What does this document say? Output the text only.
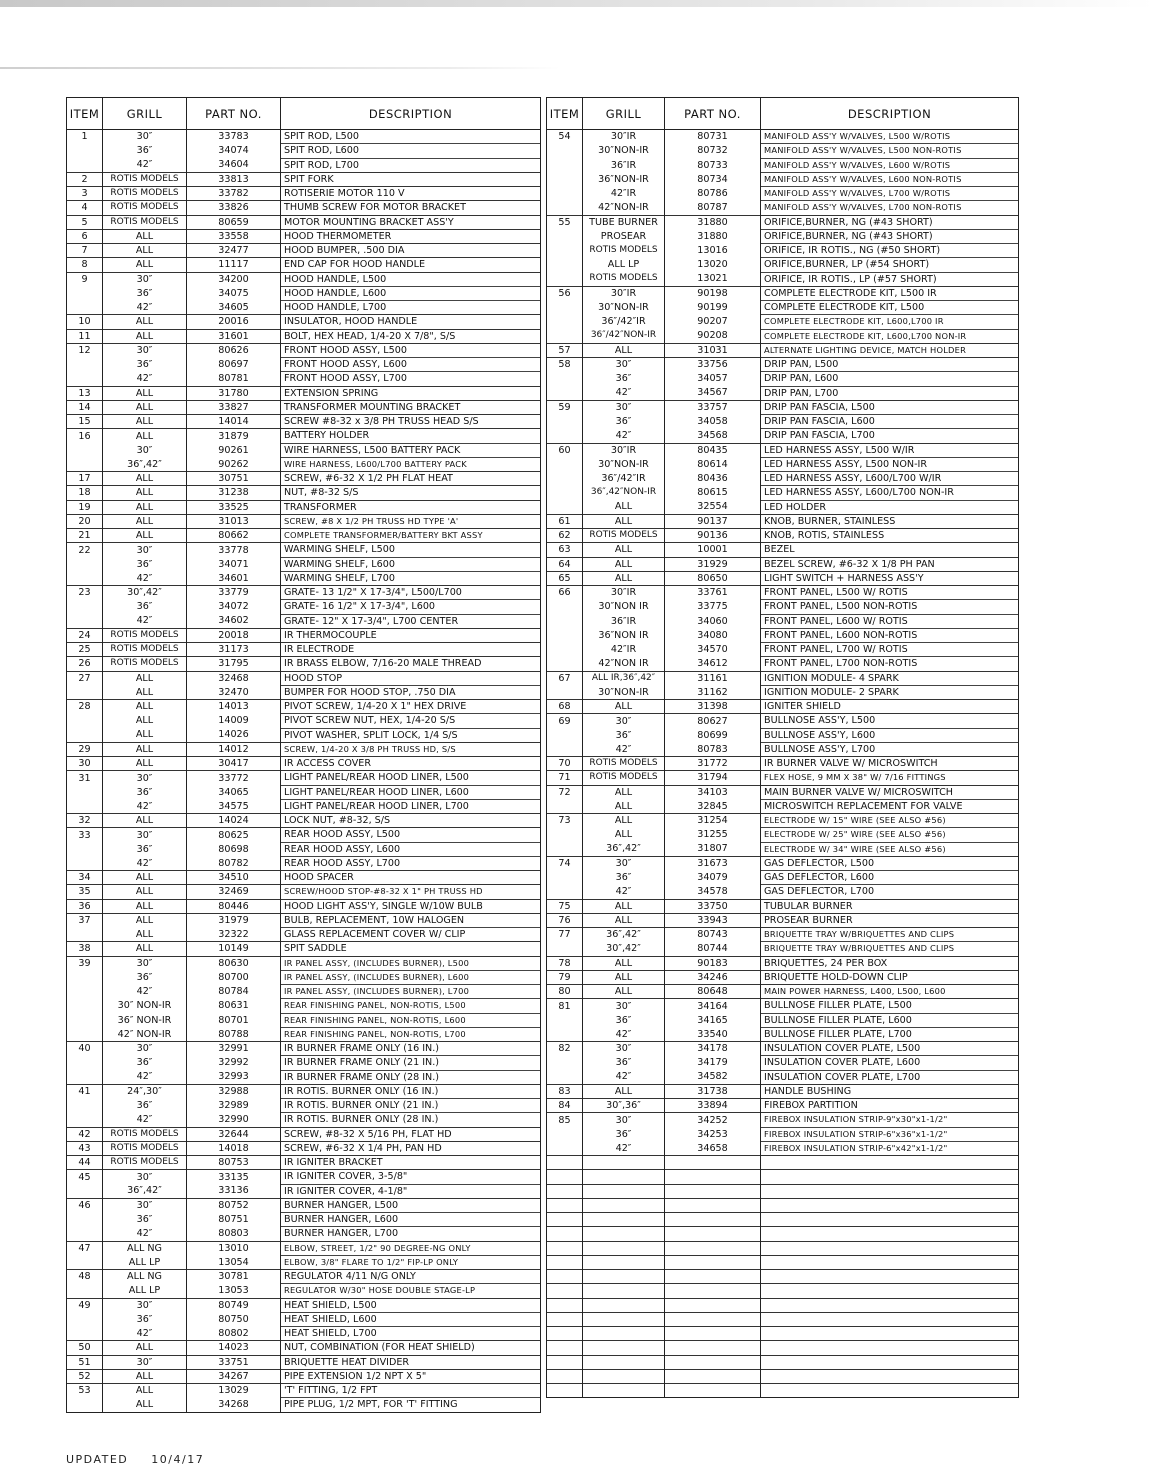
ITEM	GRILL	PART NO.	DESCRIPTION
1	30″	33783	SPIT ROD, L500
	36″	34074	SPIT ROD, L600
	42″	34604	SPIT ROD, L700
2	ROTIS MODELS	33813	SPIT FORK
3	ROTIS MODELS	33782	ROTISERIE MOTOR 110 V
4	ROTIS MODELS	33826	THUMB SCREW FOR MOTOR BRACKET
5	ROTIS MODELS	80659	MOTOR MOUNTING BRACKET ASS'Y
6	ALL	33558	HOOD THERMOMETER
7	ALL	32477	HOOD BUMPER, .500 DIA
8	ALL	11117	END CAP FOR HOOD HANDLE
9	30″	34200	HOOD HANDLE, L500
	36″	34075	HOOD HANDLE, L600
	42″	34605	HOOD HANDLE, L700
10	ALL	20016	INSULATOR, HOOD HANDLE
11	ALL	31601	BOLT, HEX HEAD, 1/4-20 X 7/8", S/S
12	30″	80626	FRONT HOOD ASSY, L500
	36″	80697	FRONT HOOD ASSY, L600
	42″	80781	FRONT HOOD ASSY, L700
13	ALL	31780	EXTENSION SPRING
14	ALL	33827	TRANSFORMER MOUNTING BRACKET
15	ALL	14014	SCREW #8-32 x 3/8 PH TRUSS HEAD S/S
16	ALL	31879	BATTERY HOLDER
	30″	90261	WIRE HARNESS, L500 BATTERY PACK
	36″,42″	90262	WIRE HARNESS, L600/L700 BATTERY PACK
17	ALL	30751	SCREW, #6-32 X 1/2 PH FLAT HEAT
18	ALL	31238	NUT, #8-32 S/S
19	ALL	33525	TRANSFORMER
20	ALL	31013	SCREW, #8 X 1/2 PH TRUSS HD TYPE 'A'
21	ALL	80662	COMPLETE TRANSFORMER/BATTERY BKT ASSY
22	30″	33778	WARMING SHELF, L500
	36″	34071	WARMING SHELF, L600
	42″	34601	WARMING SHELF, L700
23	30″,42″	33779	GRATE- 13 1/2" X 17-3/4", L500/L700
	36″	34072	GRATE- 16 1/2" X 17-3/4", L600
	42″	34602	GRATE- 12" X 17-3/4", L700 CENTER
24	ROTIS MODELS	20018	IR THERMOCOUPLE
25	ROTIS MODELS	31173	IR ELECTRODE
26	ROTIS MODELS	31795	IR BRASS ELBOW, 7/16-20 MALE THREAD
27	ALL	32468	HOOD STOP
	ALL	32470	BUMPER FOR HOOD STOP, .750 DIA
28	ALL	14013	PIVOT SCREW, 1/4-20 X 1" HEX DRIVE
	ALL	14009	PIVOT SCREW NUT, HEX, 1/4-20 S/S
	ALL	14026	PIVOT WASHER, SPLIT LOCK, 1/4 S/S
29	ALL	14012	SCREW, 1/4-20 X 3/8 PH TRUSS HD, S/S
30	ALL	30417	IR ACCESS COVER
31	30″	33772	LIGHT PANEL/REAR HOOD LINER, L500
	36″	34065	LIGHT PANEL/REAR HOOD LINER, L600
	42″	34575	LIGHT PANEL/REAR HOOD LINER, L700
32	ALL	14024	LOCK NUT, #8-32, S/S
33	30″	80625	REAR HOOD ASSY, L500
	36″	80698	REAR HOOD ASSY, L600
	42″	80782	REAR HOOD ASSY, L700
34	ALL	34510	HOOD SPACER
35	ALL	32469	SCREW/HOOD STOP-#8-32 X 1" PH TRUSS HD
36	ALL	80446	HOOD LIGHT ASS'Y, SINGLE W/10W BULB
37	ALL	31979	BULB, REPLACEMENT, 10W HALOGEN
	ALL	32322	GLASS REPLACEMENT COVER W/ CLIP
38	ALL	10149	SPIT SADDLE
39	30″	80630	IR PANEL ASSY, (INCLUDES BURNER), L500
	36″	80700	IR PANEL ASSY, (INCLUDES BURNER), L600
	42″	80784	IR PANEL ASSY, (INCLUDES BURNER), L700
	30″ NON-IR	80631	REAR FINISHING PANEL, NON-ROTIS, L500
	36″ NON-IR	80701	REAR FINISHING PANEL, NON-ROTIS, L600
	42″ NON-IR	80788	REAR FINISHING PANEL, NON-ROTIS, L700
40	30″	32991	IR BURNER FRAME ONLY (16 IN.)
	36″	32992	IR BURNER FRAME ONLY (21 IN.)
	42″	32993	IR BURNER FRAME ONLY (28 IN.)
41	24″,30″	32988	IR ROTIS. BURNER ONLY (16 IN.)
	36″	32989	IR ROTIS. BURNER ONLY (21 IN.)
	42″	32990	IR ROTIS. BURNER ONLY (28 IN.)
42	ROTIS MODELS	32644	SCREW, #8-32 X 5/16 PH, FLAT HD
43	ROTIS MODELS	14018	SCREW, #6-32 X 1/4 PH, PAN HD
44	ROTIS MODELS	80753	IR IGNITER BRACKET
45	30″	33135	IR IGNITER COVER, 3-5/8"
	36″,42″	33136	IR IGNITER COVER, 4-1/8"
46	30″	80752	BURNER HANGER, L500
	36″	80751	BURNER HANGER, L600
	42″	80803	BURNER HANGER, L700
47	ALL NG	13010	ELBOW, STREET, 1/2" 90 DEGREE-NG ONLY
	ALL LP	13054	ELBOW, 3/8" FLARE TO 1/2" FIP-LP ONLY
48	ALL NG	30781	REGULATOR 4/11 N/G ONLY
	ALL LP	13053	REGULATOR W/30" HOSE DOUBLE STAGE-LP
49	30″	80749	HEAT SHIELD, L500
	36″	80750	HEAT SHIELD, L600
	42″	80802	HEAT SHIELD, L700
50	ALL	14023	NUT, COMBINATION (FOR HEAT SHIELD)
51	30″	33751	BRIQUETTE HEAT DIVIDER
52	ALL	34267	PIPE EXTENSION 1/2 NPT X 5"
53	ALL	13029	'T' FITTING, 1/2 FPT
	ALL	34268	PIPE PLUG, 1/2 MPT, FOR 'T' FITTING
ITEM	GRILL	PART NO.	DESCRIPTION
54	30″IR	80731	MANIFOLD ASS'Y W/VALVES, L500 W/ROTIS
	30″NON-IR	80732	MANIFOLD ASS'Y W/VALVES, L500 NON-ROTIS
	36″IR	80733	MANIFOLD ASS'Y W/VALVES, L600 W/ROTIS
	36″NON-IR	80734	MANIFOLD ASS'Y W/VALVES, L600 NON-ROTIS
	42″IR	80786	MANIFOLD ASS'Y W/VALVES, L700 W/ROTIS
	42″NON-IR	80787	MANIFOLD ASS'Y W/VALVES, L700 NON-ROTIS
55	TUBE BURNER	31880	ORIFICE,BURNER, NG (#43 SHORT)
	PROSEAR	31880	ORIFICE,BURNER, NG (#43 SHORT)
	ROTIS MODELS	13016	ORIFICE, IR ROTIS., NG (#50 SHORT)
	ALL LP	13020	ORIFICE,BURNER, LP (#54 SHORT)
	ROTIS MODELS	13021	ORIFICE, IR ROTIS., LP (#57 SHORT)
56	30″IR	90198	COMPLETE ELECTRODE KIT, L500 IR
	30″NON-IR	90199	COMPLETE ELECTRODE KIT, L500
	36″/42″IR	90207	COMPLETE ELECTRODE KIT, L600,L700 IR
	36″/42″NON-IR	90208	COMPLETE ELECTRODE KIT, L600,L700 NON-IR
57	ALL	31031	ALTERNATE LIGHTING DEVICE, MATCH HOLDER
58	30″	33756	DRIP PAN, L500
	36″	34057	DRIP PAN, L600
	42″	34567	DRIP PAN, L700
59	30″	33757	DRIP PAN FASCIA, L500
	36″	34058	DRIP PAN FASCIA, L600
	42″	34568	DRIP PAN FASCIA, L700
60	30″IR	80435	LED HARNESS ASSY, L500 W/IR
	30″NON-IR	80614	LED HARNESS ASSY, L500 NON-IR
	36″/42″IR	80436	LED HARNESS ASSY, L600/L700 W/IR
	36″,42″NON-IR	80615	LED HARNESS ASSY, L600/L700 NON-IR
	ALL	32554	LED HOLDER
61	ALL	90137	KNOB, BURNER, STAINLESS
62	ROTIS MODELS	90136	KNOB, ROTIS, STAINLESS
63	ALL	10001	BEZEL
64	ALL	31929	BEZEL SCREW, #6-32 X 1/8 PH PAN
65	ALL	80650	LIGHT SWITCH + HARNESS ASS'Y
66	30″IR	33761	FRONT PANEL, L500 W/ ROTIS
	30″NON IR	33775	FRONT PANEL, L500 NON-ROTIS
	36″IR	34060	FRONT PANEL, L600 W/ ROTIS
	36″NON IR	34080	FRONT PANEL, L600 NON-ROTIS
	42″IR	34570	FRONT PANEL, L700 W/ ROTIS
	42″NON IR	34612	FRONT PANEL, L700 NON-ROTIS
67	ALL IR,36″,42″	31161	IGNITION MODULE- 4 SPARK
	30″NON-IR	31162	IGNITION MODULE- 2 SPARK
68	ALL	31398	IGNITER SHIELD
69	30″	80627	BULLNOSE ASS'Y, L500
	36″	80699	BULLNOSE ASS'Y, L600
	42″	80783	BULLNOSE ASS'Y, L700
70	ROTIS MODELS	31772	IR BURNER VALVE W/ MICROSWITCH
71	ROTIS MODELS	31794	FLEX HOSE, 9 MM X 38" W/ 7/16 FITTINGS
72	ALL	34103	MAIN BURNER VALVE W/ MICROSWITCH
	ALL	32845	MICROSWITCH REPLACEMENT FOR VALVE
73	ALL	31254	ELECTRODE W/ 15" WIRE (SEE ALSO #56)
	ALL	31255	ELECTRODE W/ 25" WIRE (SEE ALSO #56)
	36″,42″	31807	ELECTRODE W/ 34" WIRE (SEE ALSO #56)
74	30″	31673	GAS DEFLECTOR, L500
	36″	34079	GAS DEFLECTOR, L600
	42″	34578	GAS DEFLECTOR, L700
75	ALL	33750	TUBULAR BURNER
76	ALL	33943	PROSEAR BURNER
77	36″,42″	80743	BRIQUETTE TRAY W/BRIQUETTES AND CLIPS
	30″,42″	80744	BRIQUETTE TRAY W/BRIQUETTES AND CLIPS
78	ALL	90183	BRIQUETTES, 24 PER BOX
79	ALL	34246	BRIQUETTE HOLD-DOWN CLIP
80	ALL	80648	MAIN POWER HARNESS, L400, L500, L600
81	30″	34164	BULLNOSE FILLER PLATE, L500
	36″	34165	BULLNOSE FILLER PLATE, L600
	42″	33540	BULLNOSE FILLER PLATE, L700
82	30″	34178	INSULATION COVER PLATE, L500
	36″	34179	INSULATION COVER PLATE, L600
	42″	34582	INSULATION COVER PLATE, L700
83	ALL	31738	HANDLE BUSHING
84	30″,36″	33894	FIREBOX PARTITION
85	30″	34252	FIREBOX INSULATION STRIP-9"x30"x1-1/2"
	36″	34253	FIREBOX INSULATION STRIP-6"x36"x1-1/2"
	42″	34658	FIREBOX INSULATION STRIP-6"x42"x1-1/2"

UPDATED 10/4/17
